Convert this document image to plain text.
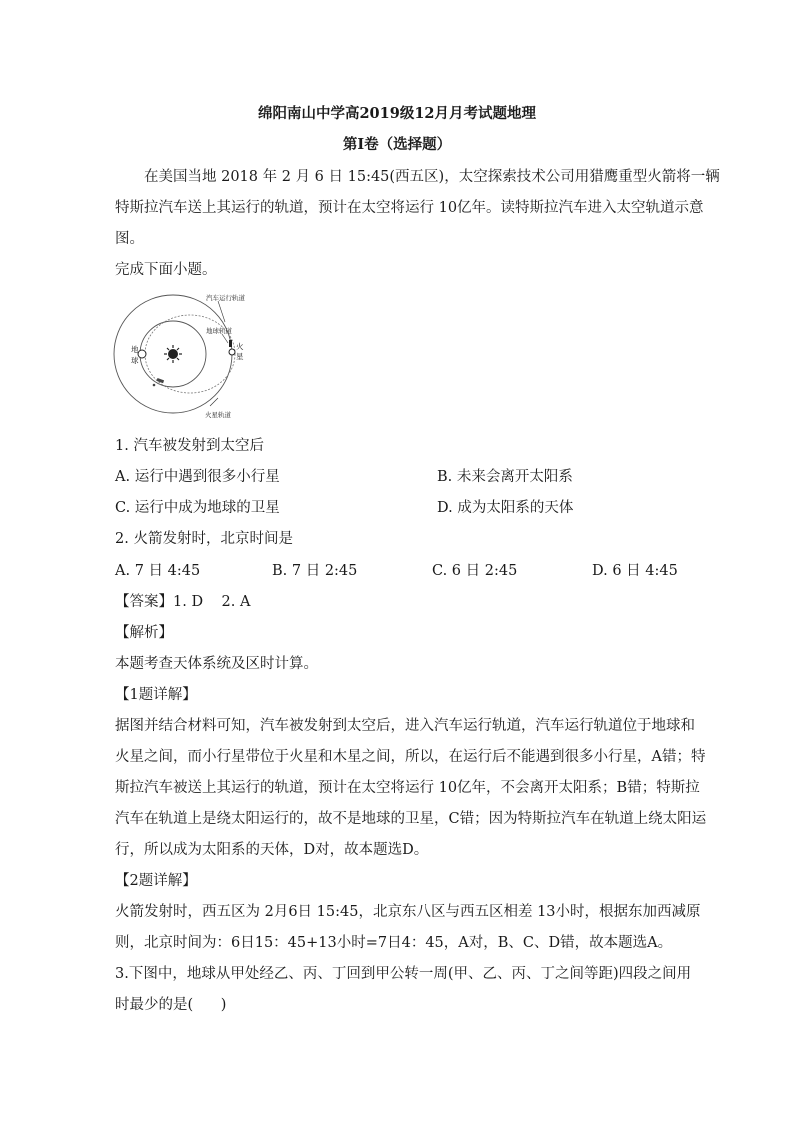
绵阳南山中学高2019级12月月考试题地理
第Ⅰ卷（选择题）
在美国当地 2018 年 2 月 6 日 15:45(西五区)，太空探索技术公司用猎鹰重型火箭将一辆
特斯拉汽车送上其运行的轨道，预计在太空将运行 10亿年。读特斯拉汽车进入太空轨道示意
图。
完成下面小题。
汽车运行轨道
地球轨道
火
星
地
球
火星轨道
1. 汽车被发射到太空后
A. 运行中遇到很多小行星	B. 未来会离开太阳系
C. 运行中成为地球的卫星	D. 成为太阳系的天体
2. 火箭发射时，北京时间是
A. 7 日 4:45	B. 7 日 2:45	C. 6 日 2:45	D. 6 日 4:45
【答案】1. D    2. A
【解析】
本题考查天体系统及区时计算。
【1题详解】
据图并结合材料可知，汽车被发射到太空后，进入汽车运行轨道，汽车运行轨道位于地球和
火星之间，而小行星带位于火星和木星之间，所以，在运行后不能遇到很多小行星，A错；特
斯拉汽车被送上其运行的轨道，预计在太空将运行 10亿年，不会离开太阳系；B错；特斯拉
汽车在轨道上是绕太阳运行的，故不是地球的卫星，C错；因为特斯拉汽车在轨道上绕太阳运
行，所以成为太阳系的天体，D对，故本题选D。
【2题详解】
火箭发射时，西五区为 2月6日 15:45，北京东八区与西五区相差 13小时，根据东加西减原
则，北京时间为：6日15：45+13小时=7日4：45，A对，B、C、D错，故本题选A。
3.下图中，地球从甲处经乙、丙、丁回到甲公转一周(甲、乙、丙、丁之间等距)四段之间用
时最少的是(      )
